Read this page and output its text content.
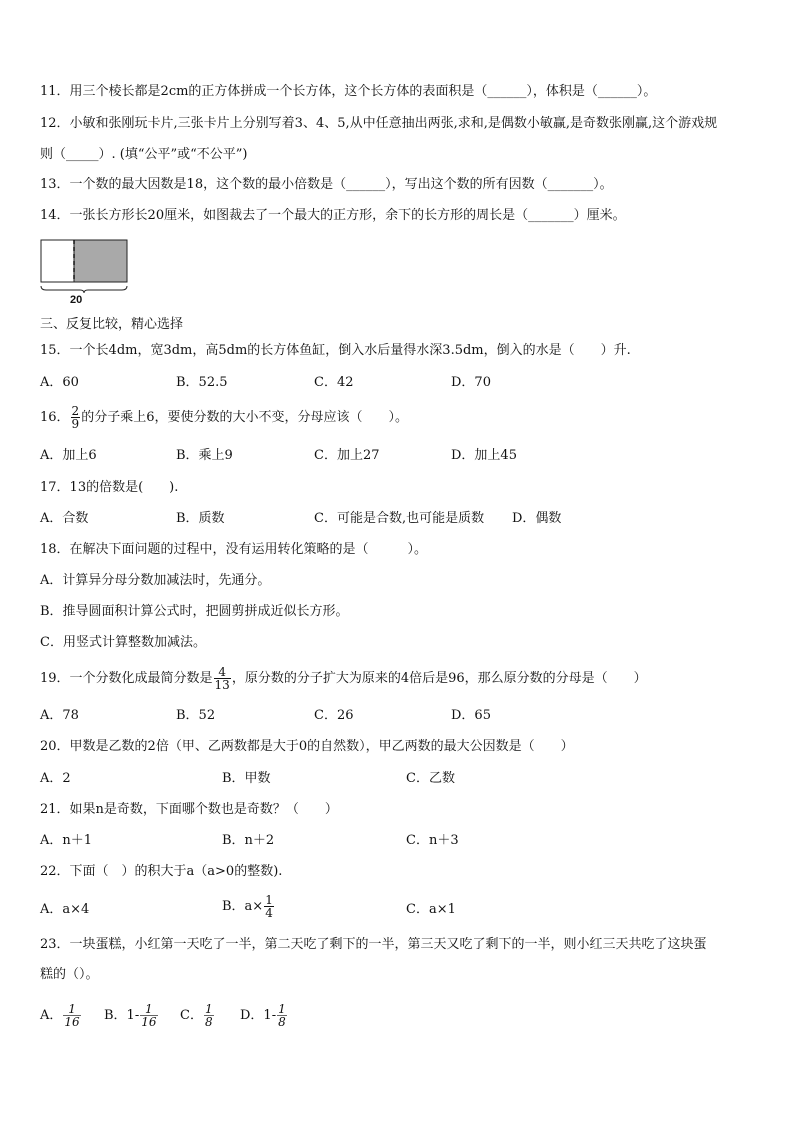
11．用三个棱长都是2cm的正方体拼成一个长方体，这个长方体的表面积是（______），体积是（______）。
12．小敏和张刚玩卡片,三张卡片上分别写着3、4、5,从中任意抽出两张,求和,是偶数小敏赢,是奇数张刚赢,这个游戏规
则（_____）. (填“公平”或“不公平”)
13．一个数的最大因数是18，这个数的最小倍数是（______），写出这个数的所有因数（_______）。
14．一张长方形长20厘米，如图裁去了一个最大的正方形，余下的长方形的周长是（_______）厘米。
20
三、反复比较，精心选择
15．一个长4dm，宽3dm，高5dm的长方体鱼缸，倒入水后量得水深3.5dm，倒入的水是（　　）升.
A．60	B．52.5	C．42	D．70
16． $\frac{2}{9}$ 的分子乘上6，要使分数的大小不变，分母应该（　　）。
A．加上6	B．乘上9	C．加上27	D．加上45
17．13的倍数是(　　).
A．合数	B．质数	C．可能是合数,也可能是质数 D．偶数
18．在解决下面问题的过程中，没有运用转化策略的是（　　　）。
A．计算异分母分数加减法时，先通分。
B．推导圆面积计算公式时，把圆剪拼成近似长方形。
C．用竖式计算整数加减法。
19．一个分数化成最简分数是 $\frac{4}{13}$ ，原分数的分子扩大为原来的4倍后是96，那么原分数的分母是（　　）
A．78	B．52	C．26	D．65
20．甲数是乙数的2倍（甲、乙两数都是大于0的自然数），甲乙两数的最大公因数是（　　）
A．2	B．甲数	C．乙数
21．如果n是奇数，下面哪个数也是奇数？（　　）
A．n＋1	B．n＋2	C．n＋3
22．下面（　）的积大于a（a>0的整数).
A．a×4	B．$a\times \frac{1}{4}$	C．a×1
23．一块蛋糕，小红第一天吃了一半，第二天吃了剩下的一半，第三天又吃了剩下的一半，则小红三天共吃了这块蛋
糕的（）。
A． $\frac{1}{16}$ B．$1- \frac{1}{16}$ C． $\frac{1}{8}$ D．$1- \frac{1}{8}$
